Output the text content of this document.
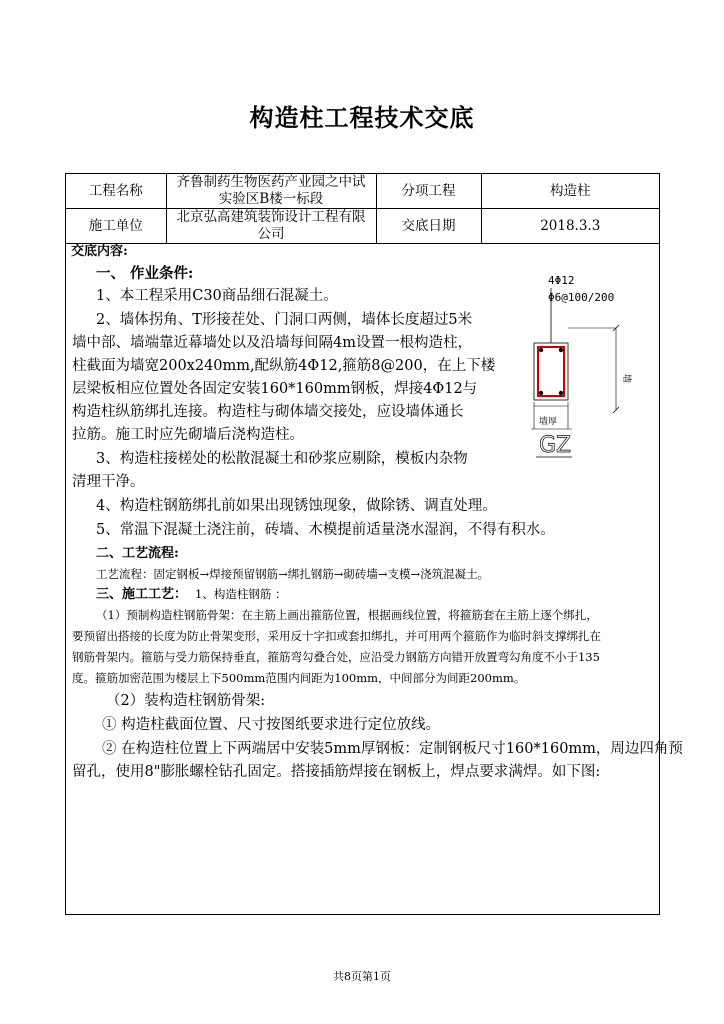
构造柱工程技术交底
工程名称	齐鲁制药生物医药产业园之中试实验区B楼一标段	分项工程	构造柱
施工单位	北京弘高建筑装饰设计工程有限公司	交底日期	2018.3.3
交底内容:
一、 作业条件:
1、本工程采用C30商品细石混凝土。
2、墙体拐角、T形接茬处、门洞口两侧，墙体长度超过5米
墙中部、墙端靠近幕墙处以及沿墙每间隔4m设置一根构造柱，
柱截面为墙宽200x240mm,配纵筋4Φ12,箍筋8@200，在上下楼
层梁板相应位置处各固定安装160*160mm钢板，焊接4Φ12与
构造柱纵筋绑扎连接。构造柱与砌体墙交接处，应设墙体通长
拉筋。施工时应先砌墙后浇构造柱。
3、构造柱接槎处的松散混凝土和砂浆应剔除，模板内杂物
清理干净。
4、构造柱钢筋绑扎前如果出现锈蚀现象，做除锈、调直处理。
5、常温下混凝土浇注前，砖墙、木模提前适量浇水湿润，不得有积水。
二、工艺流程:
工艺流程：固定钢板→焊接预留钢筋→绑扎钢筋→砌砖墙→支模→浇筑混凝土。
三、施工工艺： 1、构造柱钢筋 ：
（1）预制构造柱钢筋骨架：在主筋上画出箍筋位置，根据画线位置，将箍筋套在主筋上逐个绑扎，
要预留出搭接的长度为防止骨架变形，采用反十字扣或套扣绑扎，并可用两个箍筋作为临时斜支撑绑扎在
钢筋骨架内。箍筋与受力筋保持垂直，箍筋弯勾叠合处，应沿受力钢筋方向错开放置弯勾角度不小于135
度。箍筋加密范围为楼层上下500mm范围内间距为100mm，中间部分为间距200mm。
（2）装构造柱钢筋骨架:
① 构造柱截面位置、尺寸按图纸要求进行定位放线。
② 在构造柱位置上下两端居中安装5mm厚钢板：定制钢板尺寸160*160mm，周边四角预
留孔，使用8"膨胀螺栓钻孔固定。搭接插筋焊接在钢板上，焊点要求满焊。如下图:
4Φ12
Φ6@100/200
墙
墙厚
GZ
共8页第1页
